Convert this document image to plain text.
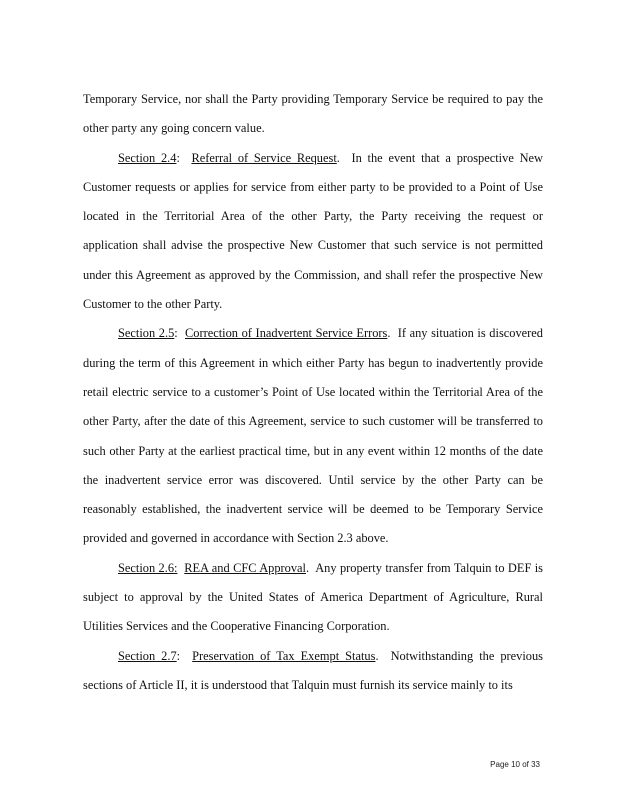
Temporary Service, nor shall the Party providing Temporary Service be required to pay the other party any going concern value.

Section 2.4: Referral of Service Request.  In the event that a prospective New Customer requests or applies for service from either party to be provided to a Point of Use located in the Territorial Area of the other Party, the Party receiving the request or application shall advise the prospective New Customer that such service is not permitted under this Agreement as approved by the Commission, and shall refer the prospective New Customer to the other Party.

Section 2.5: Correction of Inadvertent Service Errors.  If any situation is discovered during the term of this Agreement in which either Party has begun to inadvertently provide retail electric service to a customer’s Point of Use located within the Territorial Area of the other Party, after the date of this Agreement, service to such customer will be transferred to such other Party at the earliest practical time, but in any event within 12 months of the date the inadvertent service error was discovered. Until service by the other Party can be reasonably established, the inadvertent service will be deemed to be Temporary Service provided and governed in accordance with Section 2.3 above.

Section 2.6: REA and CFC Approval.  Any property transfer from Talquin to DEF is subject to approval by the United States of America Department of Agriculture, Rural Utilities Services and the Cooperative Financing Corporation.

Section 2.7: Preservation of Tax Exempt Status.  Notwithstanding the previous sections of Article II, it is understood that Talquin must furnish its service mainly to its

Page 10 of 33
